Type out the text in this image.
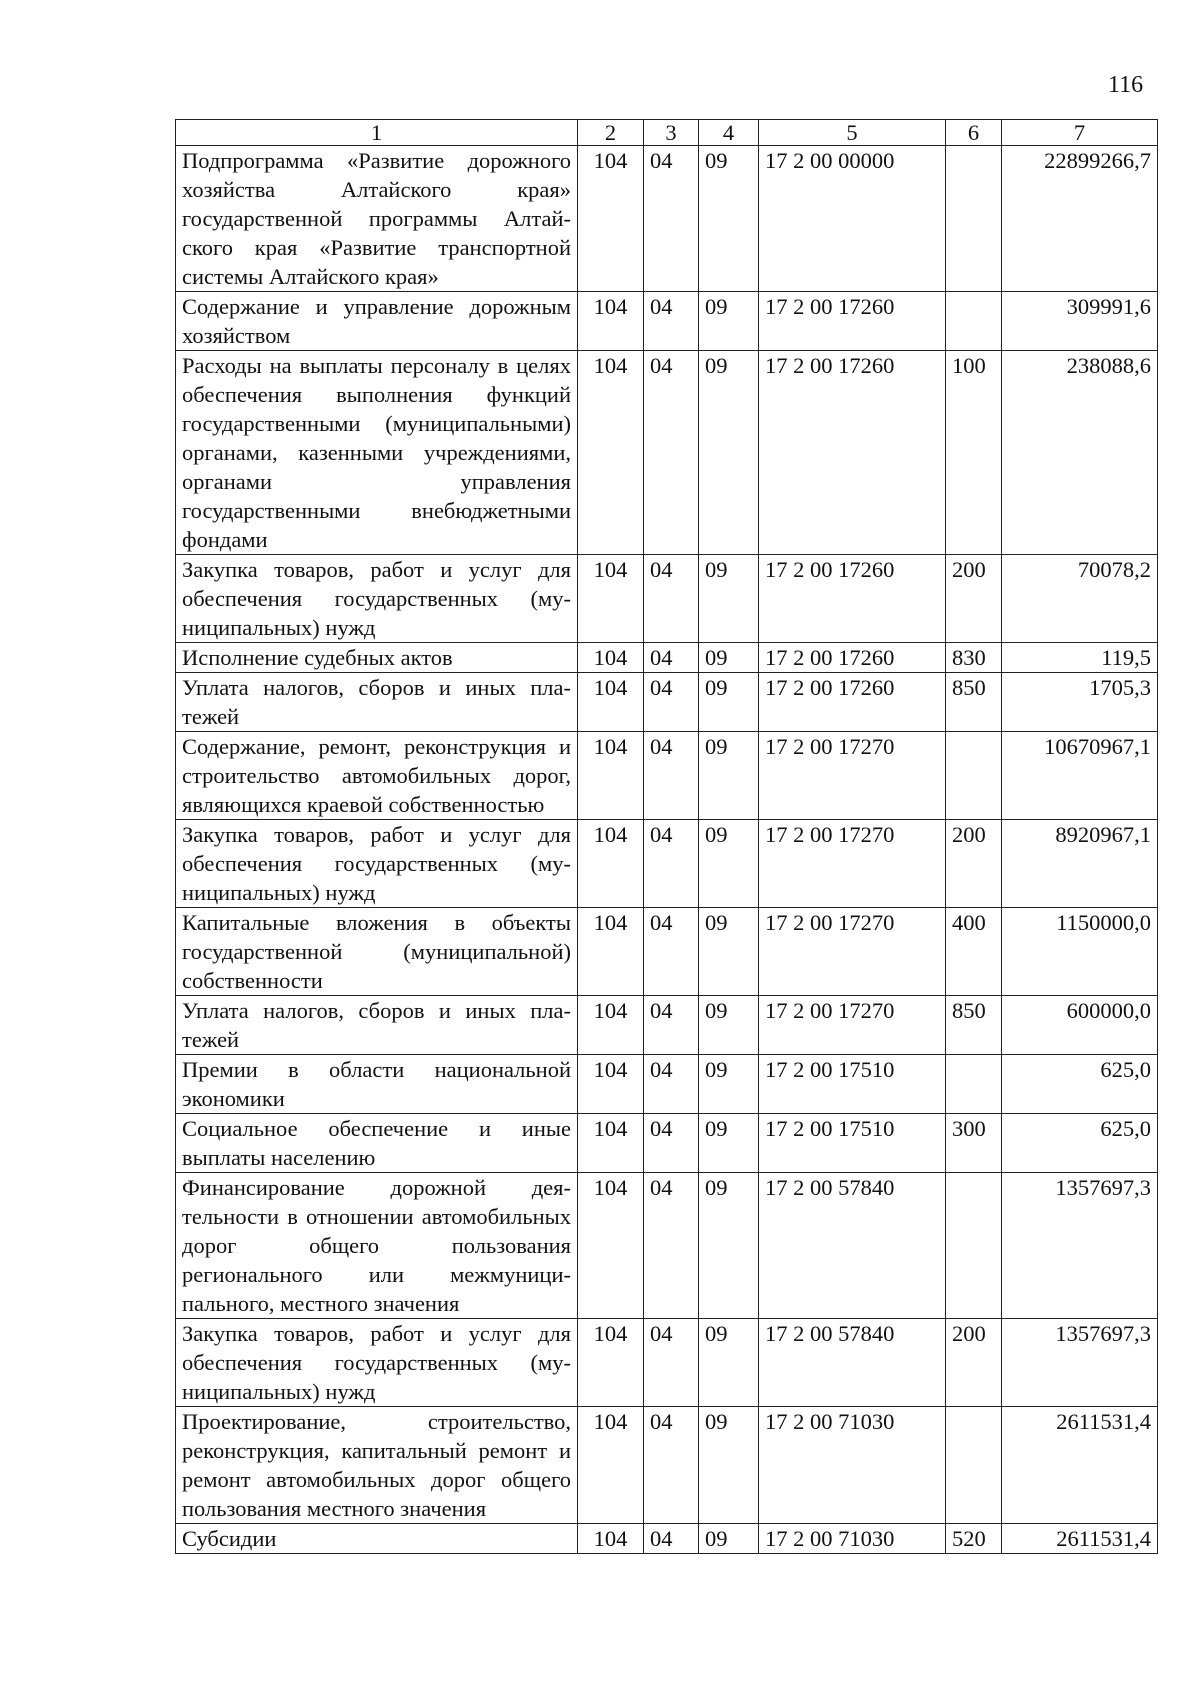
116
1	2	3	4	5	6	7
Подпрограмма «Развитие дорожного хозяйства Алтайского края» государственной программы Алтайского края «Развитие транспортной системы Алтайского края»	104	04	09	17 2 00 00000		22899266,7
Содержание и управление дорожным хозяйством	104	04	09	17 2 00 17260		309991,6
Расходы на выплаты персоналу в целях обеспечения выполнения функций государственными (муниципальными) органами, казенными учреждениями, органами управления государственными внебюджетными фондами	104	04	09	17 2 00 17260	100	238088,6
Закупка товаров, работ и услуг для обеспечения государственных (муниципальных) нужд	104	04	09	17 2 00 17260	200	70078,2
Исполнение судебных актов	104	04	09	17 2 00 17260	830	119,5
Уплата налогов, сборов и иных платежей	104	04	09	17 2 00 17260	850	1705,3
Содержание, ремонт, реконструкция и строительство автомобильных дорог, являющихся краевой собственностью	104	04	09	17 2 00 17270		10670967,1
Закупка товаров, работ и услуг для обеспечения государственных (муниципальных) нужд	104	04	09	17 2 00 17270	200	8920967,1
Капитальные вложения в объекты государственной (муниципальной) собственности	104	04	09	17 2 00 17270	400	1150000,0
Уплата налогов, сборов и иных платежей	104	04	09	17 2 00 17270	850	600000,0
Премии в области национальной экономики	104	04	09	17 2 00 17510		625,0
Социальное обеспечение и иные выплаты населению	104	04	09	17 2 00 17510	300	625,0
Финансирование дорожной деятельности в отношении автомобильных дорог общего пользования регионального или межмуниципального, местного значения	104	04	09	17 2 00 57840		1357697,3
Закупка товаров, работ и услуг для обеспечения государственных (муниципальных) нужд	104	04	09	17 2 00 57840	200	1357697,3
Проектирование, строительство, реконструкция, капитальный ремонт и ремонт автомобильных дорог общего пользования местного значения	104	04	09	17 2 00 71030		2611531,4
Субсидии	104	04	09	17 2 00 71030	520	2611531,4
